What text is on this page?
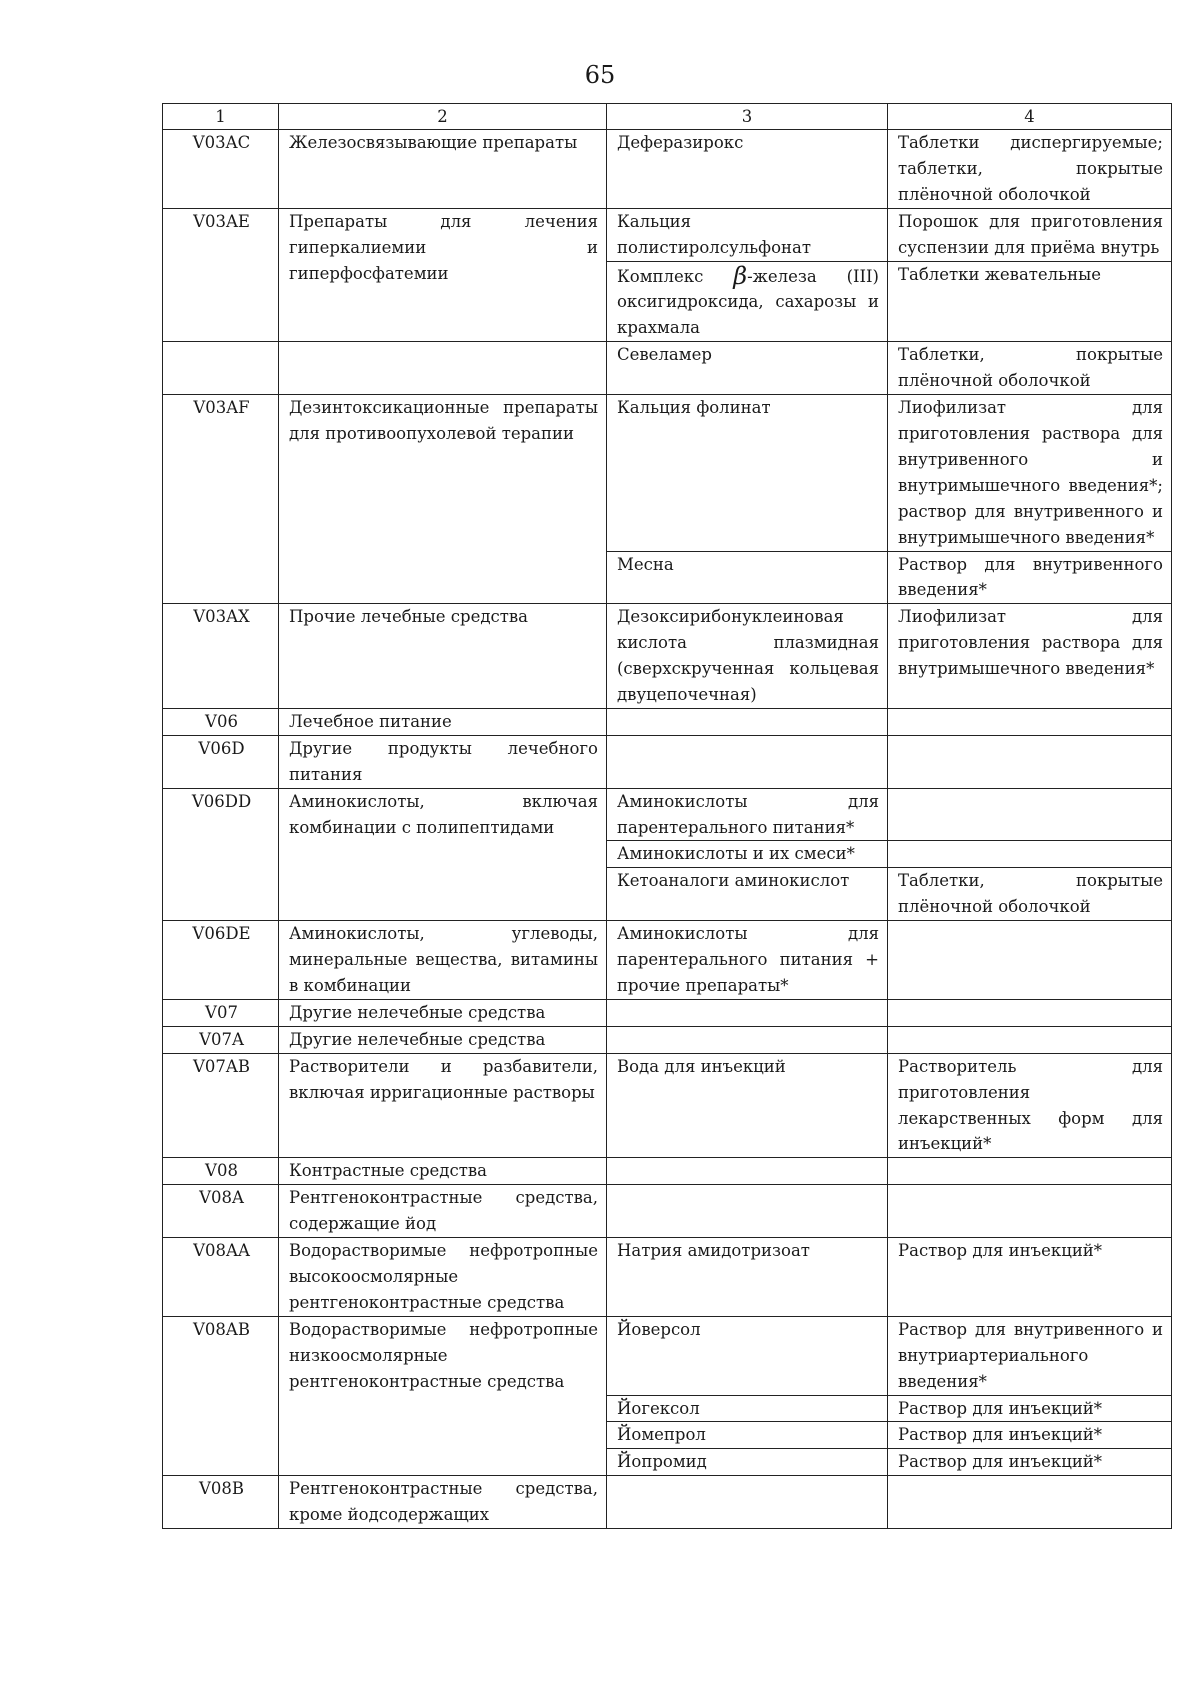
65
1	2	3	4
V03AC	Железосвязывающие препараты	Деферазирокс	Таблетки диспергируемые; таблетки, покрытые плёночной оболочкой
V03AE	Препараты для лечения гиперкалиемии и гиперфосфатемии	Кальция полистиролсульфонат	Порошок для приготовления суспензии для приёма внутрь
		Комплекс β-железа (III) оксигидроксида, сахарозы и крахмала	Таблетки жевательные
		Севеламер	Таблетки, покрытые плёночной оболочкой
V03AF	Дезинтоксикационные препараты для противоопухолевой терапии	Кальция фолинат	Лиофилизат для приготовления раствора для внутривенного и внутримышечного введения*; раствор для внутривенного и внутримышечного введения*
		Месна	Раствор для внутривенного введения*
V03AX	Прочие лечебные средства	Дезоксирибонуклеиновая кислота плазмидная (сверхскрученная кольцевая двуцепочечная)	Лиофилизат для приготовления раствора для внутримышечного введения*
V06	Лечебное питание		
V06D	Другие продукты лечебного питания		
V06DD	Аминокислоты, включая комбинации с полипептидами	Аминокислоты для парентерального питания*	
		Аминокислоты и их смеси*	
		Кетоаналоги аминокислот	Таблетки, покрытые плёночной оболочкой
V06DE	Аминокислоты, углеводы, минеральные вещества, витамины в комбинации	Аминокислоты для парентерального питания + прочие препараты*	
V07	Другие нелечебные средства		
V07A	Другие нелечебные средства		
V07AB	Растворители и разбавители, включая ирригационные растворы	Вода для инъекций	Растворитель для приготовления лекарственных форм для инъекций*
V08	Контрастные средства		
V08A	Рентгеноконтрастные средства, содержащие йод		
V08AA	Водорастворимые нефротропные высокоосмолярные рентгеноконтрастные средства	Натрия амидотризоат	Раствор для инъекций*
V08AB	Водорастворимые нефротропные низкоосмолярные рентгеноконтрастные средства	Йоверсол	Раствор для внутривенного и внутриартериального введения*
		Йогексол	Раствор для инъекций*
		Йомепрол	Раствор для инъекций*
		Йопромид	Раствор для инъекций*
V08B	Рентгеноконтрастные средства, кроме йодсодержащих		
